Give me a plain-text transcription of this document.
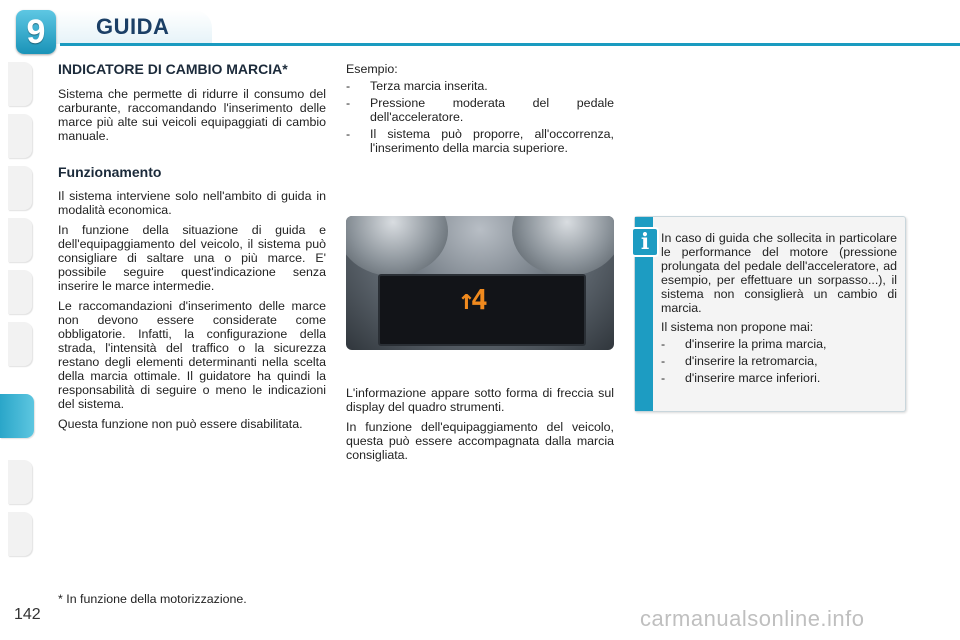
9	GUIDA
INDICATORE DI CAMBIO MARCIA*

Sistema che permette di ridurre il consumo del carburante, raccomandando l'inserimento delle marce più alte sui veicoli equipaggiati di cambio manuale.

Funzionamento

Il sistema interviene solo nell'ambito di guida in modalità economica.

In funzione della situazione di guida e dell'equipaggiamento del veicolo, il sistema può consigliare di saltare una o più marce. E' possibile seguire quest'indicazione senza inserire le marce intermedie.

Le raccomandazioni d'inserimento delle marce non devono essere considerate come obbligatorie. Infatti, la configurazione della strada, l'intensità del traffico o la sicurezza restano degli elementi determinanti nella scelta della marcia ottimale. Il guidatore ha quindi la responsabilità di seguire o meno le indicazioni del sistema.

Questa funzione non può essere disabilitata.

Esempio:

- Terza marcia inserita.
- Pressione moderata del pedale dell'acceleratore.
- Il sistema può proporre, all'occorrenza, l'inserimento della marcia superiore.
↑4

L'informazione appare sotto forma di freccia sul display del quadro strumenti.

In funzione dell'equipaggiamento del veicolo, questa può essere accompagnata dalla marcia consigliata.

i In caso di guida che sollecita in particolare le performance del motore (pressione prolungata del pedale dell'acceleratore, ad esempio, per effettuare un sorpasso...), il sistema non consiglierà un cambio di marcia.

Il sistema non propone mai:

- d'inserire la prima marcia,
- d'inserire la retromarcia,
- d'inserire marce inferiori.
* In funzione della motorizzazione.
142	carmanualsonline.info
